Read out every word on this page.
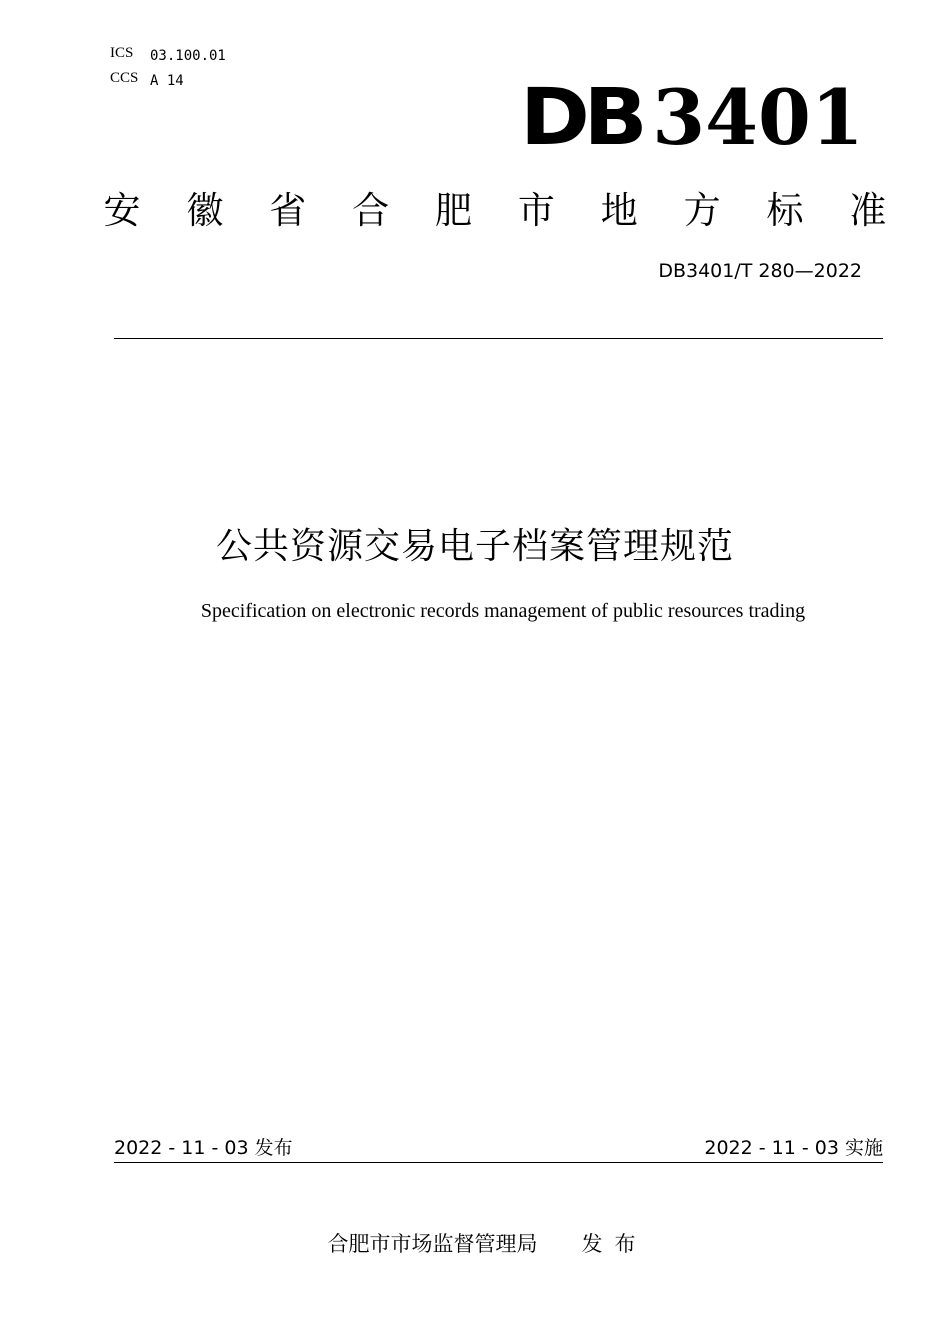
ICS 03.100.01
CCS A 14	DB 3401
安 徽 省 合 肥 市 地 方 标 准
DB3401/T 280—2022
公共资源交易电子档案管理规范
Specification on electronic records management of public resources trading
2022 - 11 - 03 发布	2022 - 11 - 03 实施
合肥市市场监督管理局 发布
